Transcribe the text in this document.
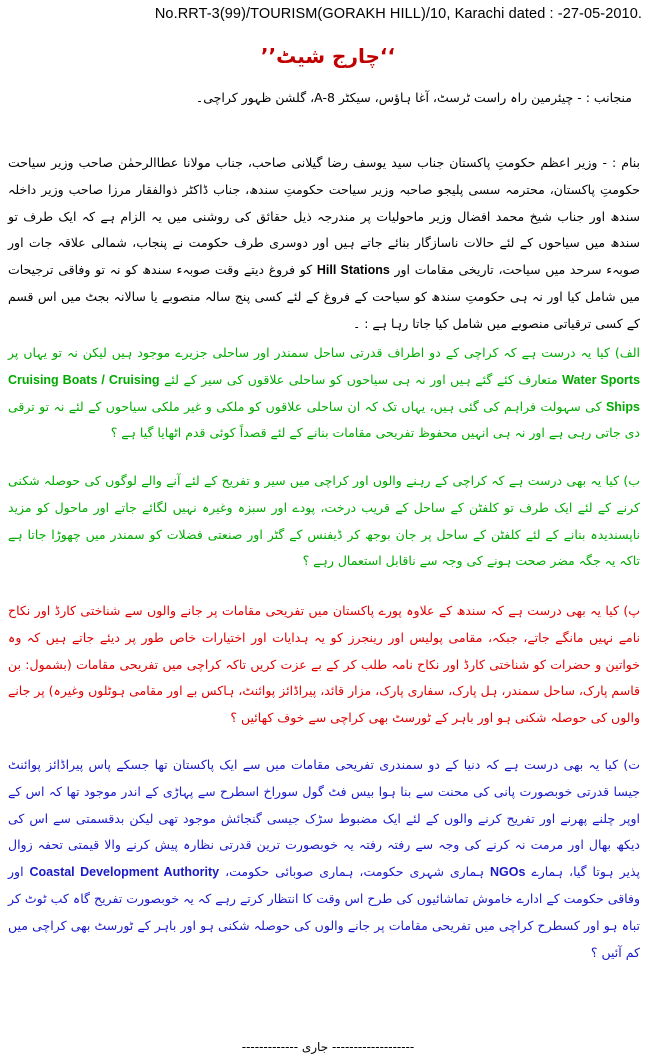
No.RRT-3(99)/TOURISM(GORAKH HILL)/10, Karachi dated : -27-05-2010.
’’چارج شیٹ‘‘
منجانب : - چیئرمین راہ راست ٹرسٹ، آغا ہاؤس، سیکٹر A-8، گلشن ظہور کراچی۔
بنام : - وزیر اعظم حکومتِ پاکستان جناب سید یوسف رضا گیلانی صاحب، جناب مولانا عطاالرحمٰن صاحب وزیر سیاحت حکومتِ پاکستان، محترمہ سسی پلیجو صاحبہ وزیر سیاحت حکومتِ سندھ، جناب ڈاکٹر ذوالفقار مرزا صاحب وزیر داخلہ سندھ اور جناب شیخ محمد افضال وزیر ماحولیات پر مندرجہ ذیل حقائق کی روشنی میں یہ الزام ہے کہ ایک طرف تو سندھ میں سیاحوں کے لئے حالات ناسازگار بنائے جاتے ہیں اور دوسری طرف حکومت نے پنجاب، شمالی علاقہ جات اور صوبہء سرحد میں سیاحت، تاریخی مقامات اور Hill Stations کو فروغ دیتے وقت صوبہء سندھ کو نہ تو وفاقی ترجیحات میں شامل کیا اور نہ ہی حکومتِ سندھ کو سیاحت کے فروغ کے لئے کسی پنج سالہ منصوبے یا سالانہ بجٹ میں اس قسم کے کسی ترقیاتی منصوبے میں شامل کیا جاتا رہا ہے : ۔
الف) کیا یہ درست ہے کہ کراچی کے دو اطراف قدرتی ساحل سمندر اور ساحلی جزیرے موجود ہیں لیکن نہ تو یہاں پر Water Sports متعارف کئے گئے ہیں اور نہ ہی سیاحوں کو ساحلی علاقوں کی سیر کے لئے Cruising Boats / Cruising Ships کی سہولت فراہم کی گئی ہیں، یہاں تک کہ ان ساحلی علاقوں کو ملکی و غیر ملکی سیاحوں کے لئے نہ تو ترقی دی جاتی رہی ہے اور نہ ہی انہیں محفوظ تفریحی مقامات بنانے کے لئے قصداً کوئی قدم اٹھایا گیا ہے ؟
ب) کیا یہ بھی درست ہے کہ کراچی کے رہنے والوں اور کراچی میں سیر و تفریح کے لئے آنے والے لوگوں کی حوصلہ شکنی کرنے کے لئے ایک طرف تو کلفٹن کے ساحل کے قریب درخت، پودے اور سبزہ وغیرہ نہیں لگائے جاتے اور ماحول کو مزید ناپسندیدہ بنانے کے لئے کلفٹن کے ساحل پر جان بوجھ کر ڈیفنس کے گٹر اور صنعتی فضلات کو سمندر میں چھوڑا جاتا ہے تاکہ یہ جگہ مضر صحت ہونے کی وجہ سے ناقابل استعمال رہے ؟
پ) کیا یہ بھی درست ہے کہ سندھ کے علاوہ پورے پاکستان میں تفریحی مقامات پر جانے والوں سے شناختی کارڈ اور نکاح نامے نہیں مانگے جاتے، جبکہ، مقامی پولیس اور رینجرز کو یہ ہدایات اور اختیارات خاص طور پر دیئے جاتے ہیں کہ وہ خواتین و حضرات کو شناختی کارڈ اور نکاح نامہ طلب کر کے بے عزت کریں تاکہ کراچی میں تفریحی مقامات (بشمول: بن قاسم پارک، ساحل سمندر، ہل پارک، سفاری پارک، مزار قائد، پیراڈائز پوائنٹ، ہاکس بے اور مقامی ہوٹلوں وغیرہ) پر جانے والوں کی حوصلہ شکنی ہو اور باہر کے ٹورسٹ بھی کراچی سے خوف کھائیں ؟
ت) کیا یہ بھی درست ہے کہ دنیا کے دو سمندری تفریحی مقامات میں سے ایک پاکستان تھا جسکے پاس پیراڈائز پوائنٹ جیسا قدرتی خوبصورت پانی کی محنت سے بنا ہوا بیس فٹ گول سوراخ اسطرح سے پہاڑی کے اندر موجود تھا کہ اس کے اوپر چلنے پھرنے اور تفریح کرنے والوں کے لئے ایک مضبوط سڑک جیسی گنجائش موجود تھی لیکن بدقسمتی سے اس کی دیکھ بھال اور مرمت نہ کرنے کی وجہ سے رفتہ رفتہ یہ خوبصورت ترین قدرتی نظارہ پیش کرنے والا قیمتی تحفہ زوال پذیر ہوتا گیا، ہمارے NGOs ہماری شہری حکومت، ہماری صوبائی حکومت، Coastal Development Authority اور وفاقی حکومت کے ادارے خاموش تماشائیوں کی طرح اس وقت کا انتظار کرتے رہے کہ یہ خوبصورت تفریح گاہ کب ٹوٹ کر تباہ ہو اور کسطرح کراچی میں تفریحی مقامات پر جانے والوں کی حوصلہ شکنی ہو اور باہر کے ٹورسٹ بھی کراچی میں کم آئیں ؟
------------------- جاری -------------
